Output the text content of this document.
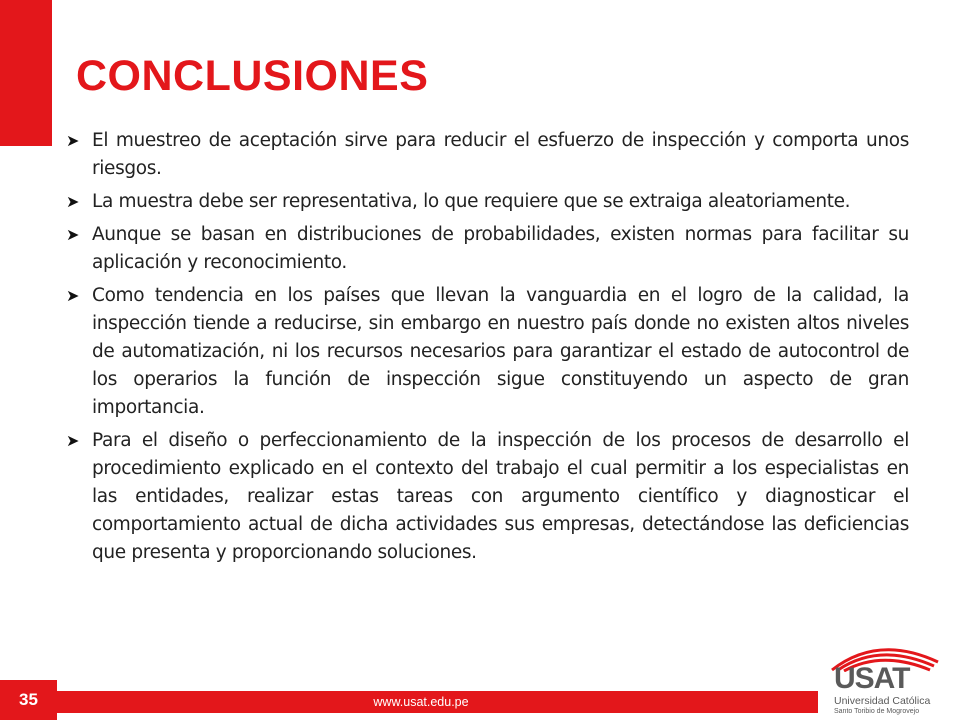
CONCLUSIONES
➤ El muestreo de aceptación sirve para reducir el esfuerzo de inspección y comporta unos riesgos.
➤ La muestra debe ser representativa, lo que requiere que se extraiga aleatoriamente.
➤ Aunque se basan en distribuciones de probabilidades, existen normas para facilitar su aplicación y reconocimiento.
➤ Como tendencia en los países que llevan la vanguardia en el logro de la calidad, la inspección tiende a reducirse, sin embargo en nuestro país donde no existen altos niveles de automatización, ni los recursos necesarios para garantizar el estado de autocontrol de los operarios la función de inspección sigue constituyendo un aspecto de gran importancia.
➤ Para el diseño o perfeccionamiento de la inspección de los procesos de desarrollo el procedimiento explicado en el contexto del trabajo el cual permitir a los especialistas en las entidades, realizar estas tareas con argumento científico y diagnosticar el comportamiento actual de dicha actividades sus empresas, detectándose las deficiencias que presenta y proporcionando soluciones.
35	www.usat.edu.pe
USAT
Universidad Católica
Santo Toribio de Mogrovejo
